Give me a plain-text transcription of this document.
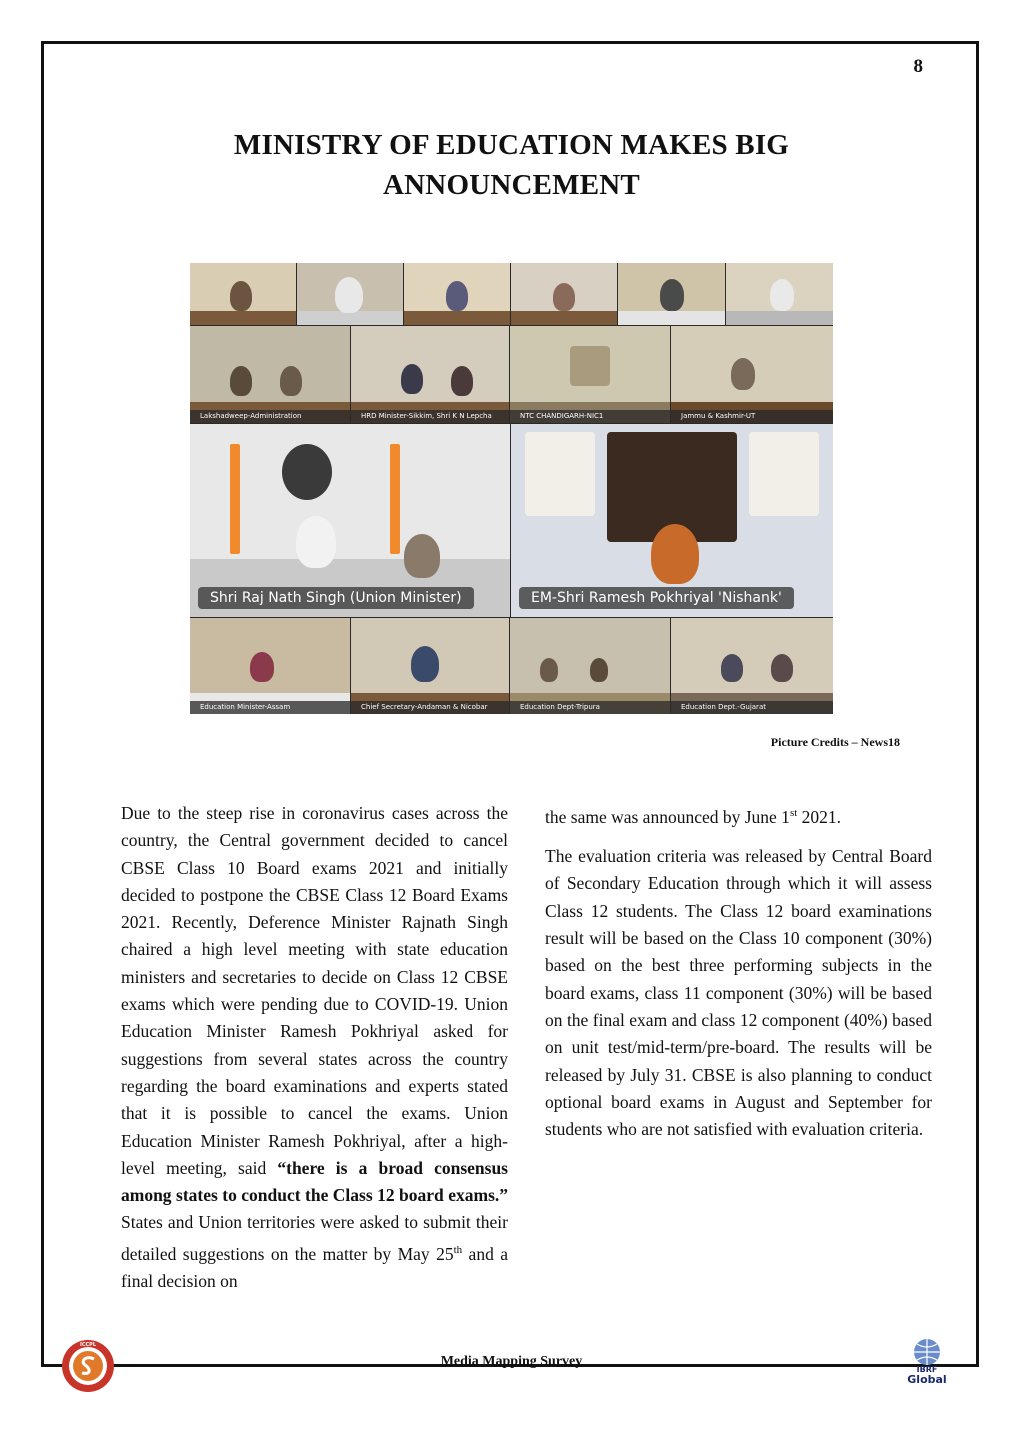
8
MINISTRY OF EDUCATION MAKES BIG
ANNOUNCEMENT
Lakshadweep-Administration	HRD Minister-Sikkim, Shri K N Lepcha	NTC CHANDIGARH-NIC1	Jammu & Kashmir-UT
Shri Raj Nath Singh (Union Minister)	EM-Shri Ramesh Pokhriyal 'Nishank'
Education Minister-Assam	Chief Secretary-Andaman & Nicobar	Education Dept-Tripura	Education Dept.-Gujarat
Picture Credits – News18

Due to the steep rise in coronavirus cases across the country, the Central government decided to cancel CBSE Class 10 Board exams 2021 and initially decided to postpone the CBSE Class 12 Board Exams 2021. Recently, Deference Minister Rajnath Singh chaired a high level meeting with state education ministers and secretaries to decide on Class 12 CBSE exams which were pending due to COVID-19. Union Education Minister Ramesh Pokhriyal asked for suggestions from several states across the country regarding the board examinations and experts stated that it is possible to cancel the exams. Union Education Minister Ramesh Pokhriyal, after a high-level meeting, said “there is a broad consensus among states to conduct the Class 12 board exams.” States and Union territories were asked to submit their detailed suggestions on the matter by May 25th and a final decision on

the same was announced by June 1st 2021.

The evaluation criteria was released by Central Board of Secondary Education through which it will assess Class 12 students. The Class 12 board examinations result will be based on the Class 10 component (30%) based on the best three performing subjects in the board exams, class 11 component (30%) will be based on the final exam and class 12 component (40%) based on unit test/mid-term/pre-board. The results will be released by July 31. CBSE is also planning to conduct optional board exams in August and September for students who are not satisfied with evaluation criteria.

ICCPL
Media Mapping Survey
IBRF
Global
